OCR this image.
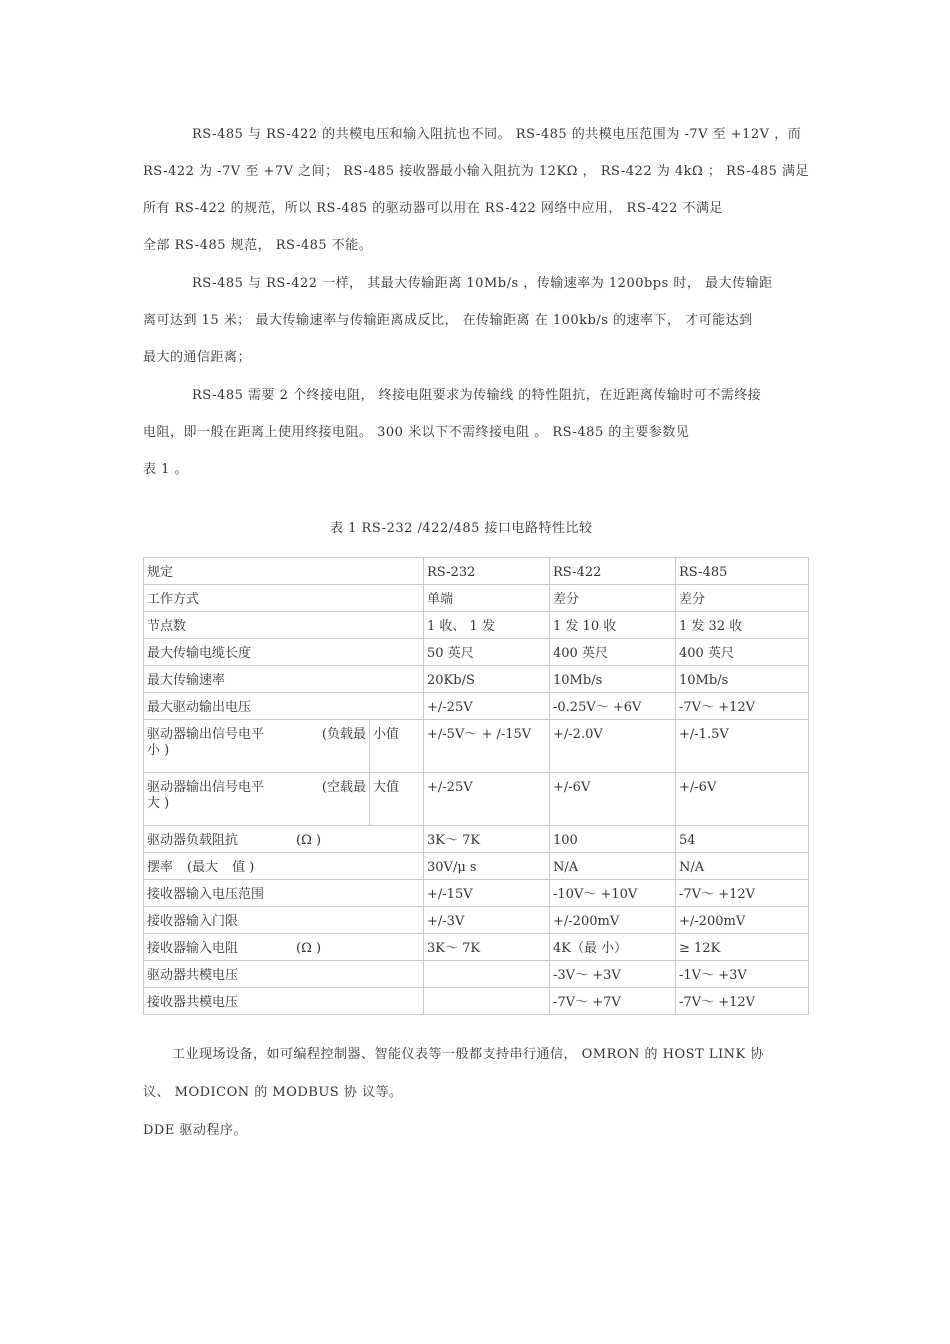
RS-485 与 RS-422 的共模电压和输入阻抗也不同。 RS-485 的共模电压范围为 -7V 至 +12V ，而
RS-422 为 -7V 至 +7V 之间； RS-485 接收器最小输入阻抗为 12KΩ ， RS-422 为 4kΩ ； RS-485 满足
所有 RS-422 的规范，所以 RS-485 的驱动器可以用在 RS-422 网络中应用， RS-422 不满足
全部 RS-485 规范， RS-485 不能。
RS-485 与 RS-422 一样， 其最大传输距离 10Mb/s ，传输速率为 1200bps 时， 最大传输距
离可达到 15 米； 最大传输速率与传输距离成反比， 在传输距离 在 100kb/s 的速率下， 才可能达到
最大的通信距离；
RS-485 需要 2 个终接电阻， 终接电阻要求为传输线 的特性阻抗，在近距离传输时可不需终接
电阻，即一般在距离上使用终接电阻。 300 米以下不需终接电阻 。 RS-485 的主要参数见
表 1 。
表 1 RS-232 /422/485 接口电路特性比较
规定		RS-232	RS-422	RS-485
工作方式		单端	差分	差分
节点数		1 收、 1 发	1 发 10 收	1 发 32 收
最大传输电缆长度		50 英尺	400 英尺	400 英尺
最大传输速率		20Kb/S	10Mb/s	10Mb/s
最大驱动输出电压		+/-25V	-0.25V～ +6V	-7V～ +12V

驱动器输出信号电平 (负载最
小 )	小值	+/-5V～ + /-15V	+/-2.0V	+/-1.5V

驱动器输出信号电平 (空载最
大 )	大值	+/-25V	+/-6V	+/-6V
驱动器负载阻抗 (Ω )		3K～ 7K	100	54
摆率 (最大 值 )		30V/μ s	N/A	N/A
接收器输入电压范围		+/-15V	-10V～ +10V	-7V～ +12V
接收器输入门限		+/-3V	+/-200mV	+/-200mV
接收器输入电阻 (Ω )		3K～ 7K	4K（最 小）	≥ 12K
驱动器共模电压			-3V～ +3V	-1V～ +3V
接收器共模电压			-7V～ +7V	-7V～ +12V
工业现场设备，如可编程控制器、智能仪表等一般都支持串行通信， OMRON 的 HOST LINK 协
议、 MODICON 的 MODBUS 协 议等。
DDE 驱动程序。
